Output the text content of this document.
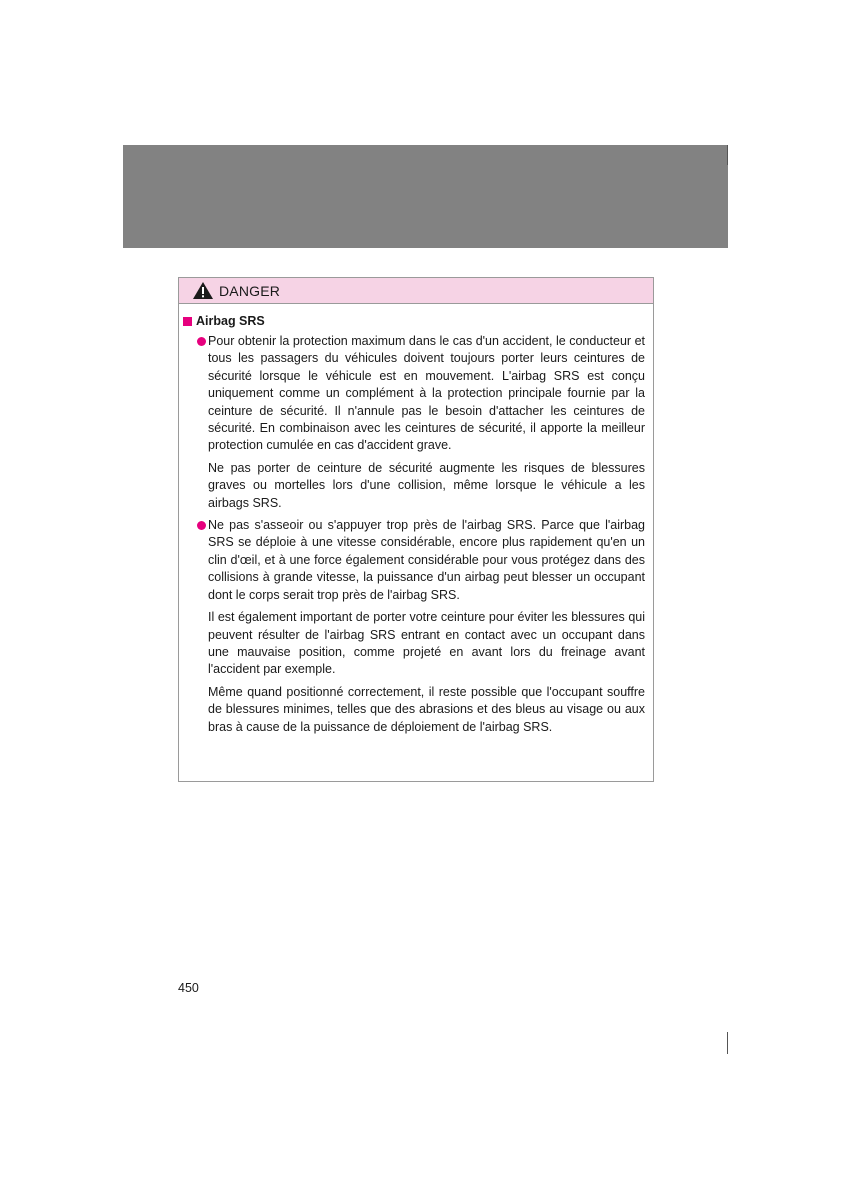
DANGER
Airbag SRS

Pour obtenir la protection maximum dans le cas d'un accident, le conducteur et tous les passagers du véhicules doivent toujours porter leurs ceintures de sécurité lorsque le véhicule est en mouvement. L'airbag SRS est conçu uniquement comme un complément à la protection principale fournie par la ceinture de sécurité. Il n'annule pas le besoin d'attacher les ceintures de sécurité. En combinaison avec les ceintures de sécurité, il apporte la meilleur protection cumulée en cas d'accident grave.

Ne pas porter de ceinture de sécurité augmente les risques de blessures graves ou mortelles lors d'une collision, même lorsque le véhicule a les airbags SRS.

Ne pas s'asseoir ou s'appuyer trop près de l'airbag SRS. Parce que l'airbag SRS se déploie à une vitesse considérable, encore plus rapidement qu'en un clin d'œil, et à une force également considérable pour vous protégez dans des collisions à grande vitesse, la puissance d'un airbag peut blesser un occupant dont le corps serait trop près de l'airbag SRS.

Il est également important de porter votre ceinture pour éviter les blessures qui peuvent résulter de l'airbag SRS entrant en contact avec un occupant dans une mauvaise position, comme projeté en avant lors du freinage avant l'accident par exemple.

Même quand positionné correctement, il reste possible que l'occupant souffre de blessures minimes, telles que des abrasions et des bleus au visage ou aux bras à cause de la puissance de déploiement de l'airbag SRS.

450
